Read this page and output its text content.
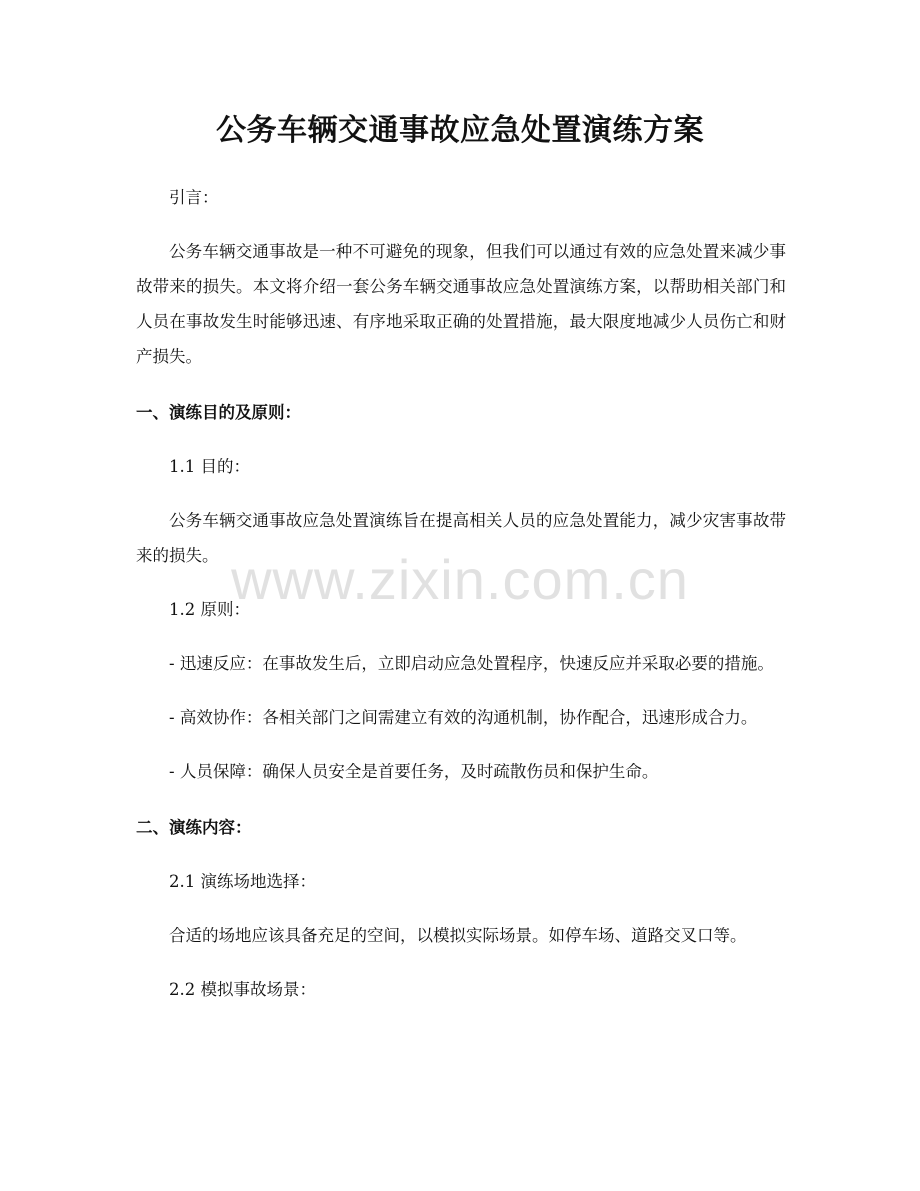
公务车辆交通事故应急处置演练方案

引言：

公务车辆交通事故是一种不可避免的现象，但我们可以通过有效的应急处置来减少事故带来的损失。本文将介绍一套公务车辆交通事故应急处置演练方案，以帮助相关部门和人员在事故发生时能够迅速、有序地采取正确的处置措施，最大限度地减少人员伤亡和财产损失。

一、演练目的及原则：

1.1 目的：

公务车辆交通事故应急处置演练旨在提高相关人员的应急处置能力，减少灾害事故带来的损失。

1.2 原则：

- 迅速反应：在事故发生后，立即启动应急处置程序，快速反应并采取必要的措施。

- 高效协作：各相关部门之间需建立有效的沟通机制，协作配合，迅速形成合力。

- 人员保障：确保人员安全是首要任务，及时疏散伤员和保护生命。

二、演练内容：

2.1 演练场地选择：

合适的场地应该具备充足的空间，以模拟实际场景。如停车场、道路交叉口等。

2.2 模拟事故场景：

www.zixin.com.cn
